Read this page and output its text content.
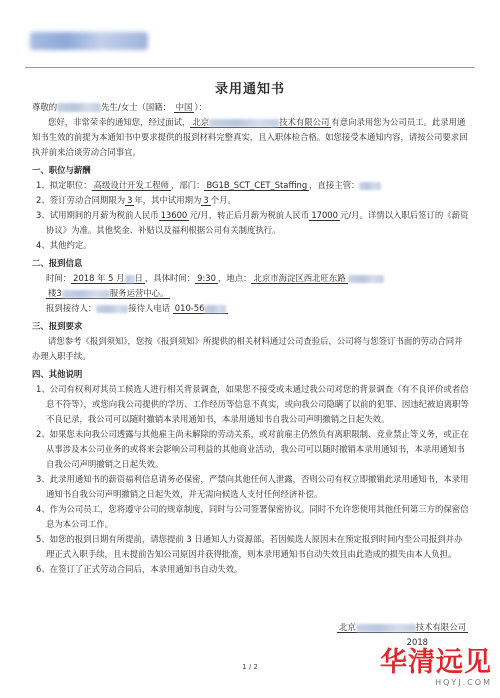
录用通知书

尊敬的	先生/女士（国籍： 中国 ）：

您好，非常荣幸的通知您，经过面试， 北京	技术有限公司 有意向录用您为公司员工。此录用通知书生效的前提为本通知书中要求提供的报到材料完整真实，且入职体检合格。如您接受本通知内容，请按公司要求回执并前来洽谈劳动合同事宜。

一、职位与薪酬

1、拟定职位： 高级设计开发工程师 ，部门： BG1B_SCT_CET_Staffing ，直接主管：

2、签订劳动合同期限为 3 年，其中试用期为 3 个月。

3、试用期间的月薪为税前人民币 13600 元/月，转正后月薪为税前人民币 17000 元/月。详情以入职后签订的《薪资协议》为准。其他奖金、补贴以及福利根据公司有关制度执行。

4、其他约定。

二、报到信息

时间： 2018 年 5 月 日 ，具体时间： 9:30 ，地点： 北京市海淀区西北旺东路

楼3	服务运营中心。

报到接待人：	接待人电话 010-56

三、报到要求

请您参考《报到须知》，您按《报到须知》所提供的相关材料通过公司查验后，公司将与您签订书面的劳动合同并办理入职手续。

四、其他说明

1、公司有权利对其员工候选人进行相关背景调查，如果您不接受或未通过我公司对您的背景调查（有不良评价或者信息不符等），或您向我公司提供的学历、工作经历等信息不真实，或向我公司隐瞒了以前的犯罪、因违纪被迫离职等不良记录，我公司可以随时撤销本录用通知书，本录用通知书自我公司声明撤销之日起失效。

2、如果您未向我公司透露与其他雇主尚未解除的劳动关系，或对前雇主仍然负有离职限制、竞业禁止等义务，或正在从事涉及本公司业务的或将来会影响公司利益的其他商业活动，我公司可以随时撤销本录用通知书，本录用通知书自我公司声明撤销之日起失效。

3、此录用通知书的薪资福利信息请务必保密，严禁向其他任何人泄露，否则公司有权立即撤销此录用通知书，本录用通知书自我公司声明撤销之日起失效，并无需向候选人支付任何经济补偿。

4、作为公司员工，您将遵守公司的规章制度，同时与公司签署保密协议。同时不允许您使用其他任何第三方的保密信息为本公司工作。

5、如您的报到日期有所提前，请您提前 3 日通知人力资源部。若因候选人原因未在预定报到时间内至公司报到并办理正式入职手续，且未提前告知公司原因并获得批准，则本录用通知书自动失效且由此造成的损失由本人负担。

6、在签订了正式劳动合同后，本录用通知书自动失效。

北京	技术有限公司
2018
1 / 2	华清远见
HQYJ.COM
